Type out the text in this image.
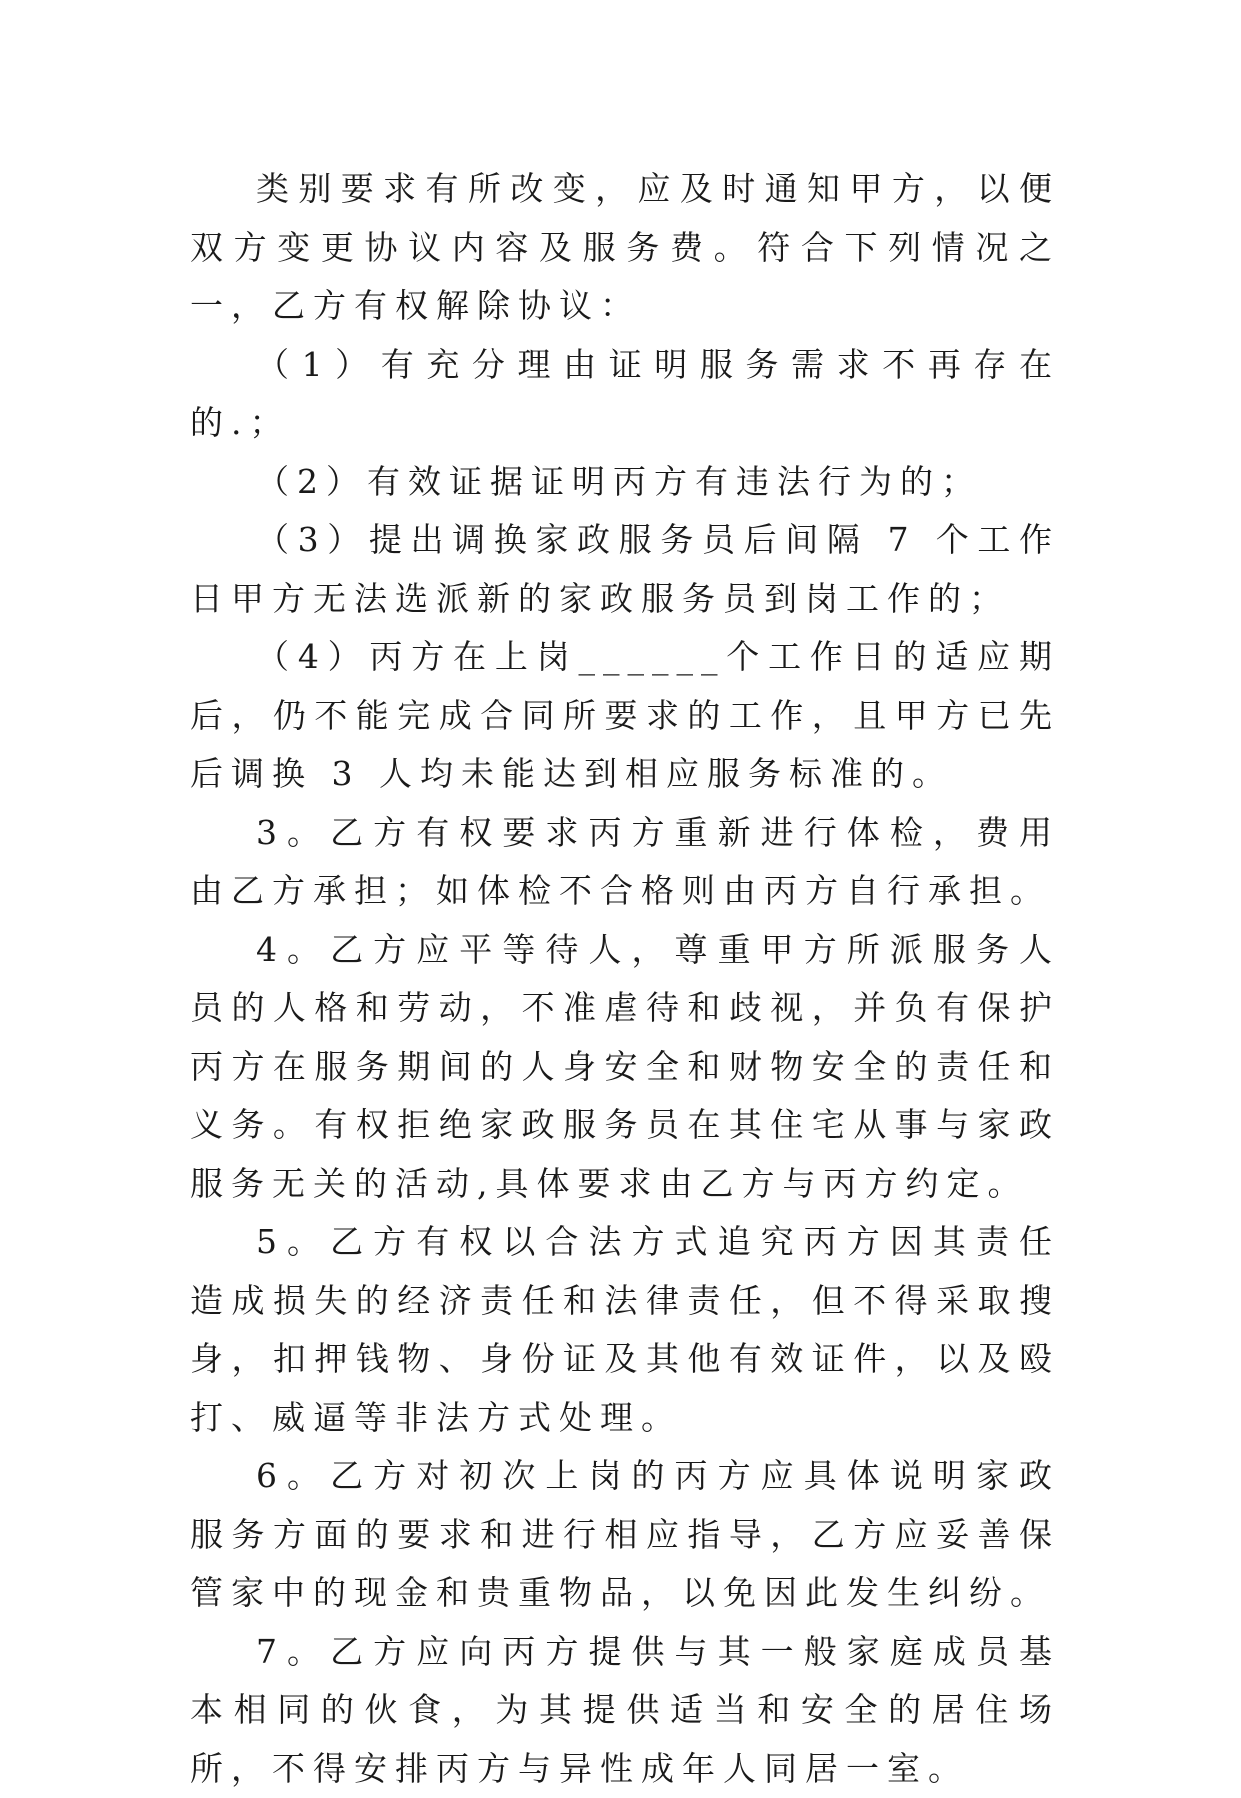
类别要求有所改变，应及时通知甲方，以便双方变更协议内容及服务费。符合下列情况之一，乙方有权解除协议：

（1）有充分理由证明服务需求不再存在的.；

（2）有效证据证明丙方有违法行为的；

（3）提出调换家政服务员后间隔 7 个工作日甲方无法选派新的家政服务员到岗工作的；

（4）丙方在上岗______个工作日的适应期后，仍不能完成合同所要求的工作，且甲方已先后调换 3 人均未能达到相应服务标准的。

3。乙方有权要求丙方重新进行体检，费用由乙方承担；如体检不合格则由丙方自行承担。

4。乙方应平等待人，尊重甲方所派服务人员的人格和劳动，不准虐待和歧视，并负有保护丙方在服务期间的人身安全和财物安全的责任和义务。有权拒绝家政服务员在其住宅从事与家政服务无关的活动,具体要求由乙方与丙方约定。

5。乙方有权以合法方式追究丙方因其责任造成损失的经济责任和法律责任，但不得采取搜身，扣押钱物、身份证及其他有效证件，以及殴打、威逼等非法方式处理。

6。乙方对初次上岗的丙方应具体说明家政服务方面的要求和进行相应指导，乙方应妥善保管家中的现金和贵重物品，以免因此发生纠纷。

7。乙方应向丙方提供与其一般家庭成员基本相同的伙食，为其提供适当和安全的居住场所，不得安排丙方与异性成年人同居一室。
